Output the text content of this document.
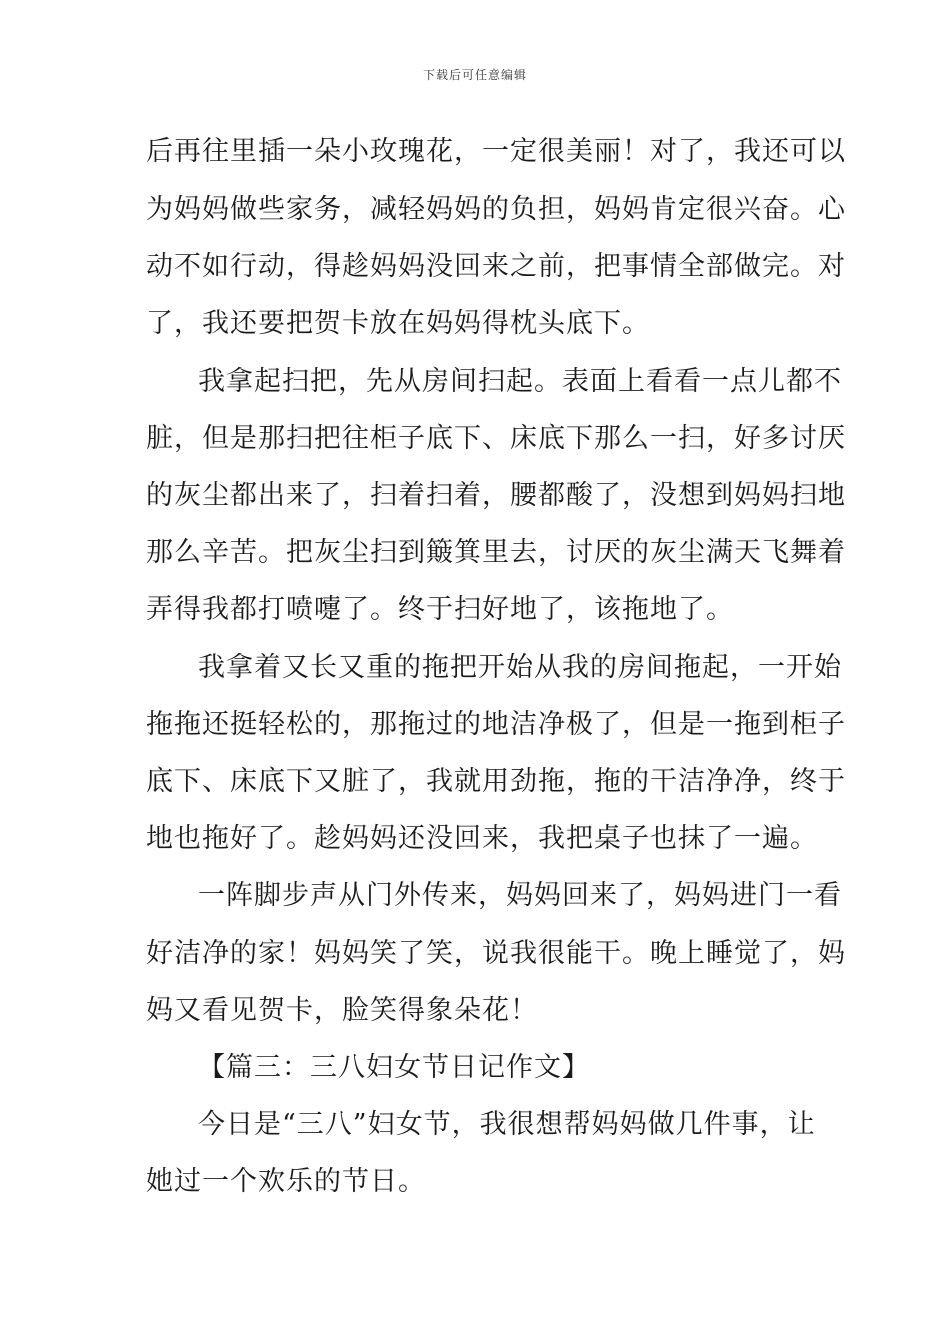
下载后可任意编辑
后再往里插一朵小玫瑰花，一定很美丽！对了，我还可以
为妈妈做些家务，减轻妈妈的负担，妈妈肯定很兴奋。心
动不如行动，得趁妈妈没回来之前，把事情全部做完。对
了，我还要把贺卡放在妈妈得枕头底下。
我拿起扫把，先从房间扫起。表面上看看一点儿都不
脏，但是那扫把往柜子底下、床底下那么一扫，好多讨厌
的灰尘都出来了，扫着扫着，腰都酸了，没想到妈妈扫地
那么辛苦。把灰尘扫到簸箕里去，讨厌的灰尘满天飞舞着
弄得我都打喷嚏了。终于扫好地了，该拖地了。
我拿着又长又重的拖把开始从我的房间拖起，一开始
拖拖还挺轻松的，那拖过的地洁净极了，但是一拖到柜子
底下、床底下又脏了，我就用劲拖，拖的干洁净净，终于
地也拖好了。趁妈妈还没回来，我把桌子也抹了一遍。
一阵脚步声从门外传来，妈妈回来了，妈妈进门一看
好洁净的家！妈妈笑了笑，说我很能干。晚上睡觉了，妈
妈又看见贺卡，脸笑得象朵花！
【篇三：三八妇女节日记作文】
今日是“三八”妇女节，我很想帮妈妈做几件事，让
她过一个欢乐的节日。
